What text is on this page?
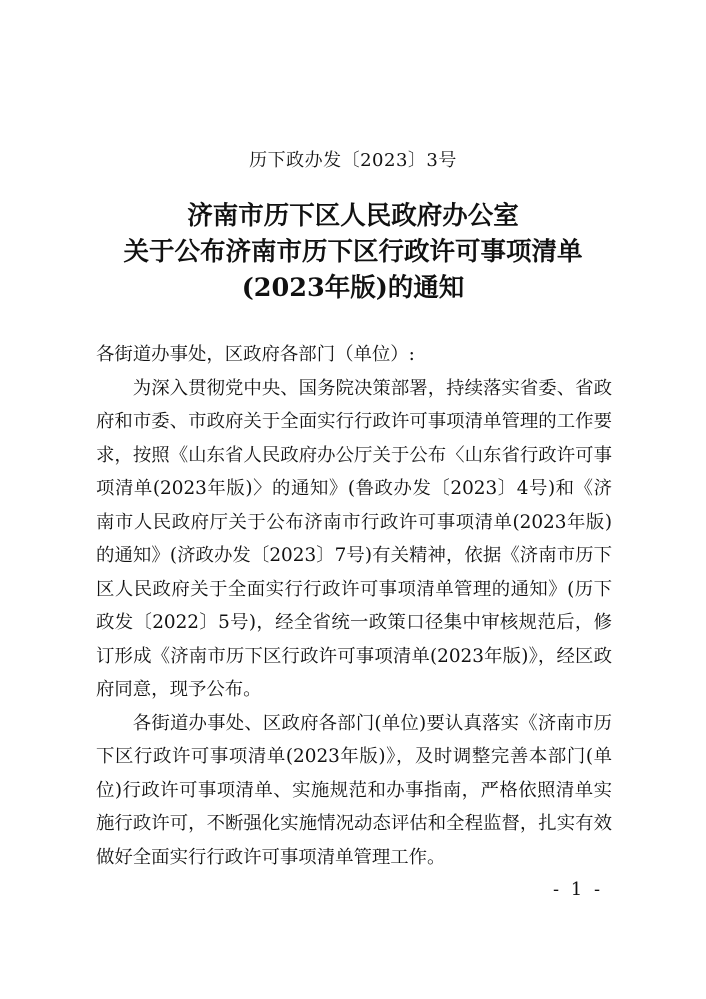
历下政办发〔2023〕3号
济南市历下区人民政府办公室
关于公布济南市历下区行政许可事项清单
(2023年版)的通知

各街道办事处，区政府各部门（单位）:

为深入贯彻党中央、国务院决策部署，持续落实省委、省政府和市委、市政府关于全面实行行政许可事项清单管理的工作要求，按照《山东省人民政府办公厅关于公布〈山东省行政许可事项清单(2023年版)〉的通知》(鲁政办发〔2023〕4号)和《济南市人民政府厅关于公布济南市行政许可事项清单(2023年版)的通知》(济政办发〔2023〕7号)有关精神，依据《济南市历下区人民政府关于全面实行行政许可事项清单管理的通知》(历下政发〔2022〕5号)，经全省统一政策口径集中审核规范后，修订形成《济南市历下区行政许可事项清单(2023年版)》，经区政府同意，现予公布。

各街道办事处、区政府各部门(单位)要认真落实《济南市历下区行政许可事项清单(2023年版)》，及时调整完善本部门(单位)行政许可事项清单、实施规范和办事指南，严格依照清单实施行政许可，不断强化实施情况动态评估和全程监督，扎实有效做好全面实行行政许可事项清单管理工作。

- 1 -
